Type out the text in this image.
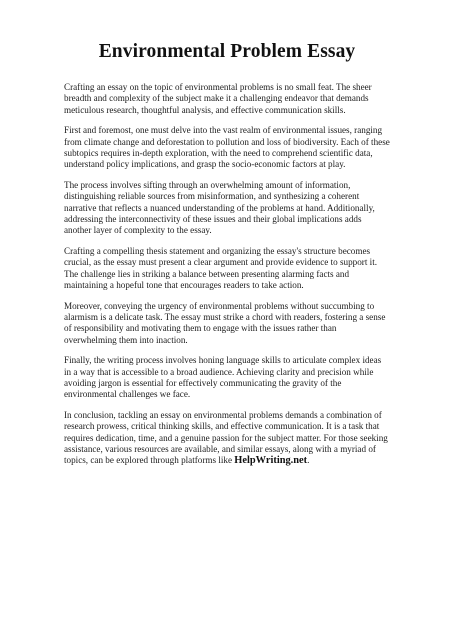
Environmental Problem Essay

Crafting an essay on the topic of environmental problems is no small feat. The sheer breadth and complexity of the subject make it a challenging endeavor that demands meticulous research, thoughtful analysis, and effective communication skills.

First and foremost, one must delve into the vast realm of environmental issues, ranging from climate change and deforestation to pollution and loss of biodiversity. Each of these subtopics requires in-depth exploration, with the need to comprehend scientific data, understand policy implications, and grasp the socio-economic factors at play.

The process involves sifting through an overwhelming amount of information, distinguishing reliable sources from misinformation, and synthesizing a coherent narrative that reflects a nuanced understanding of the problems at hand. Additionally, addressing the interconnectivity of these issues and their global implications adds another layer of complexity to the essay.

Crafting a compelling thesis statement and organizing the essay's structure becomes crucial, as the essay must present a clear argument and provide evidence to support it. The challenge lies in striking a balance between presenting alarming facts and maintaining a hopeful tone that encourages readers to take action.

Moreover, conveying the urgency of environmental problems without succumbing to alarmism is a delicate task. The essay must strike a chord with readers, fostering a sense of responsibility and motivating them to engage with the issues rather than overwhelming them into inaction.

Finally, the writing process involves honing language skills to articulate complex ideas in a way that is accessible to a broad audience. Achieving clarity and precision while avoiding jargon is essential for effectively communicating the gravity of the environmental challenges we face.

In conclusion, tackling an essay on environmental problems demands a combination of research prowess, critical thinking skills, and effective communication. It is a task that requires dedication, time, and a genuine passion for the subject matter. For those seeking assistance, various resources are available, and similar essays, along with a myriad of topics, can be explored through platforms like HelpWriting.net.
